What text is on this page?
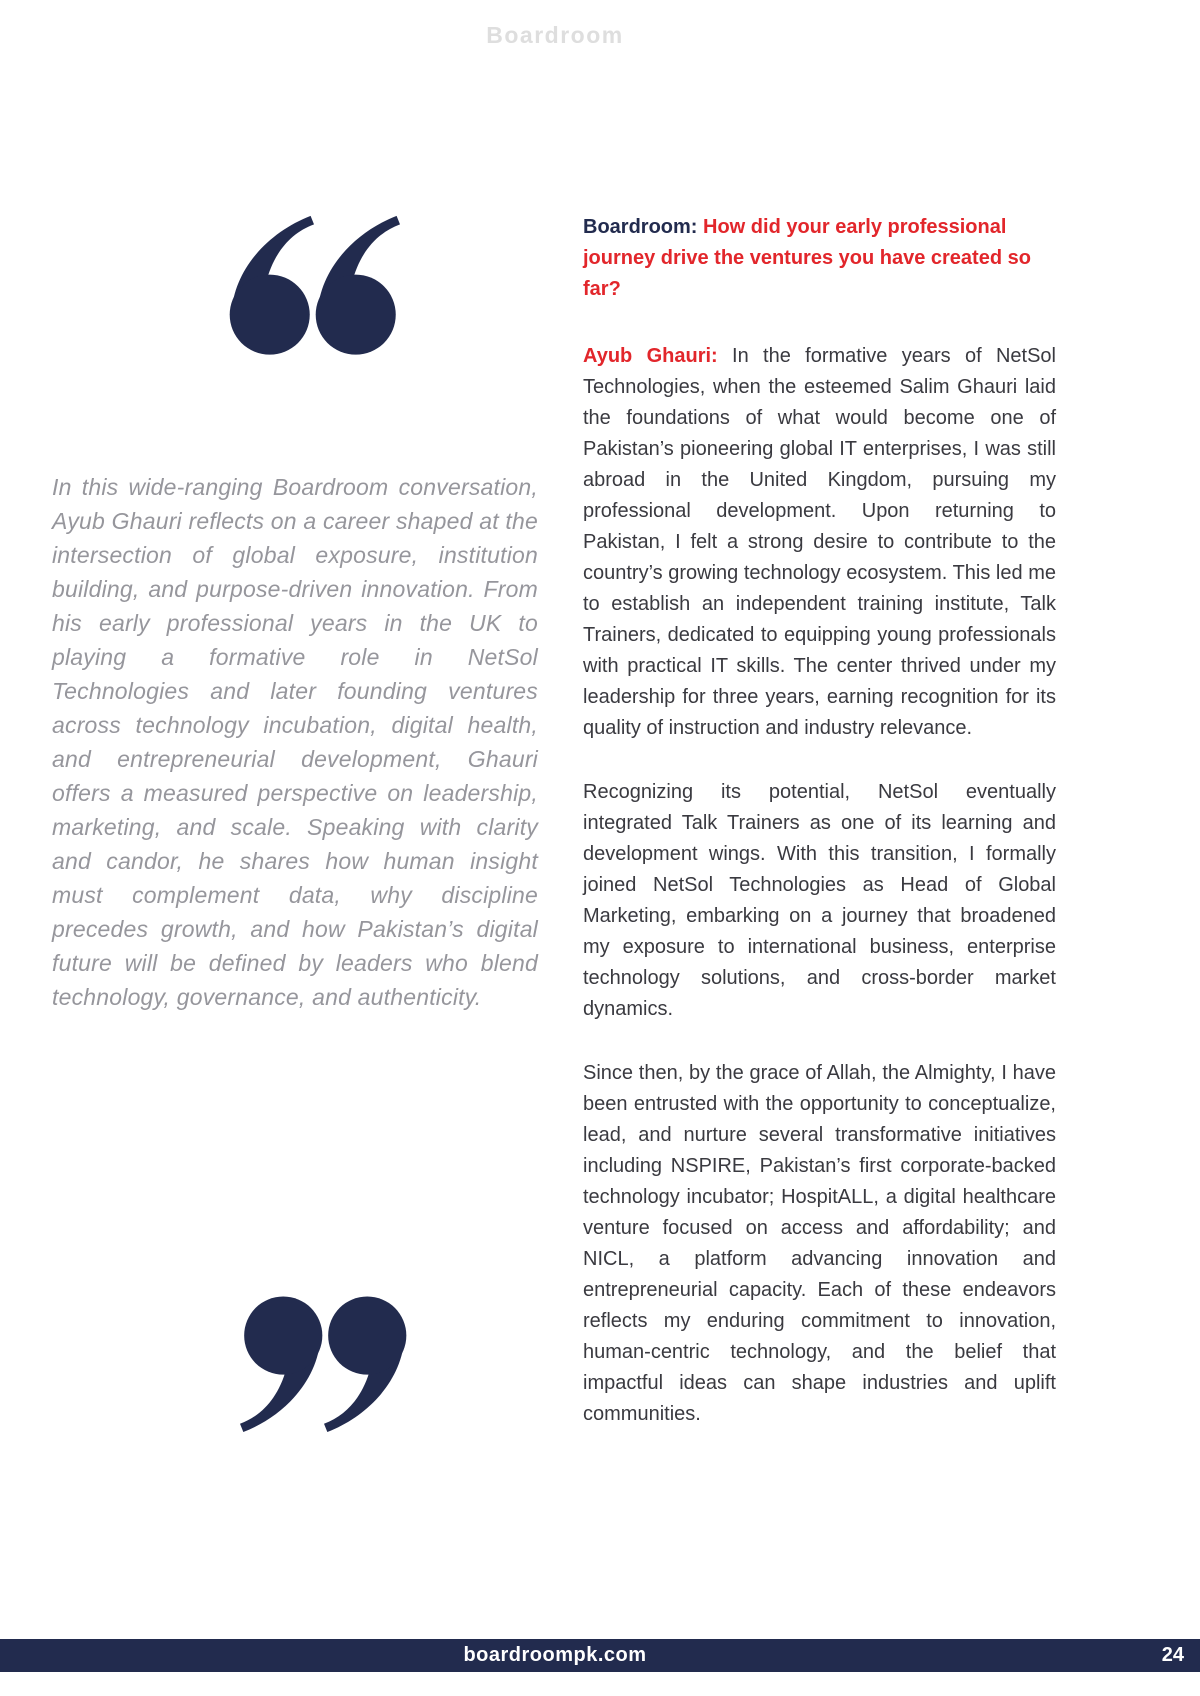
Boardroom

In this wide-ranging Boardroom conversation, Ayub Ghauri reflects on a career shaped at the intersection of global exposure, institution building, and purpose-driven innovation. From his early professional years in the UK to playing a formative role in NetSol Technologies and later founding ventures across technology incubation, digital health, and entrepreneurial development, Ghauri offers a measured perspective on leadership, marketing, and scale. Speaking with clarity and candor, he shares how human insight must complement data, why discipline precedes growth, and how Pakistan’s digital future will be defined by leaders who blend technology, governance, and authenticity.

Boardroom: How did your early professional journey drive the ventures you have created so far?

Ayub Ghauri: In the formative years of NetSol Technologies, when the esteemed Salim Ghauri laid the foundations of what would become one of Pakistan’s pioneering global IT enterprises, I was still abroad in the United Kingdom, pursuing my professional development. Upon returning to Pakistan, I felt a strong desire to contribute to the country’s growing technology ecosystem. This led me to establish an independent training institute, Talk Trainers, dedicated to equipping young professionals with practical IT skills. The center thrived under my leadership for three years, earning recognition for its quality of instruction and industry relevance.

Recognizing its potential, NetSol eventually integrated Talk Trainers as one of its learning and development wings. With this transition, I formally joined NetSol Technologies as Head of Global Marketing, embarking on a journey that broadened my exposure to international business, enterprise technology solutions, and cross-border market dynamics.

Since then, by the grace of Allah, the Almighty, I have been entrusted with the opportunity to conceptualize, lead, and nurture several transformative initiatives including NSPIRE, Pakistan’s first corporate-backed technology incubator; HospitALL, a digital healthcare venture focused on access and affordability; and NICL, a platform advancing innovation and entrepreneurial capacity. Each of these endeavors reflects my enduring commitment to innovation, human-centric technology, and the belief that impactful ideas can shape industries and uplift communities.

boardroompk.com	24
